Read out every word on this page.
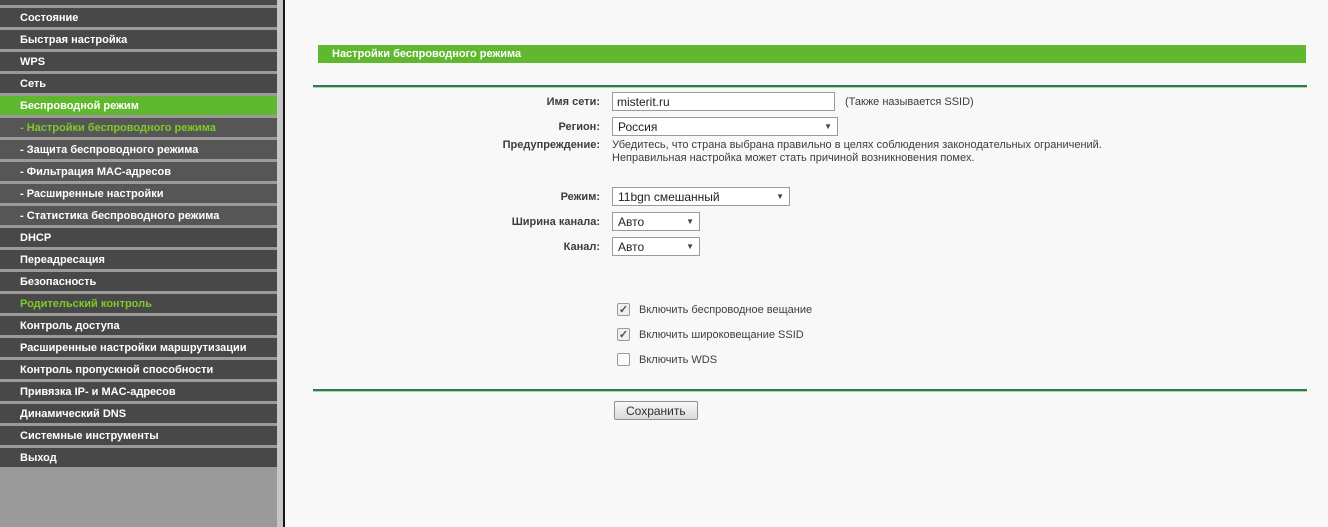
Состояние
Быстрая настройка
WPS
Сеть
Беспроводной режим
- Настройки беспроводного режима
- Защита беспроводного режима
- Фильтрация MAC-адресов
- Расширенные настройки
- Статистика беспроводного режима
DHCP
Переадресация
Безопасность
Родительский контроль
Контроль доступа
Расширенные настройки маршрутизации
Контроль пропускной способности
Привязка IP- и MAC-адресов
Динамический DNS
Системные инструменты
Выход
Настройки беспроводного режима
Имя сети:
misterit.ru	(Также называется SSID)
Регион: Россия	▼
Предупреждение: Убедитесь, что страна выбрана правильно в целях соблюдения законодательных ограничений.
Неправильная настройка может стать причиной возникновения помех.
Режим: 11bgn смешанный	▼
Ширина канала: Авто	▼
Канал: Авто	▼
✓ Включить беспроводное вещание
✓ Включить широковещание SSID
Включить WDS
Сохранить
